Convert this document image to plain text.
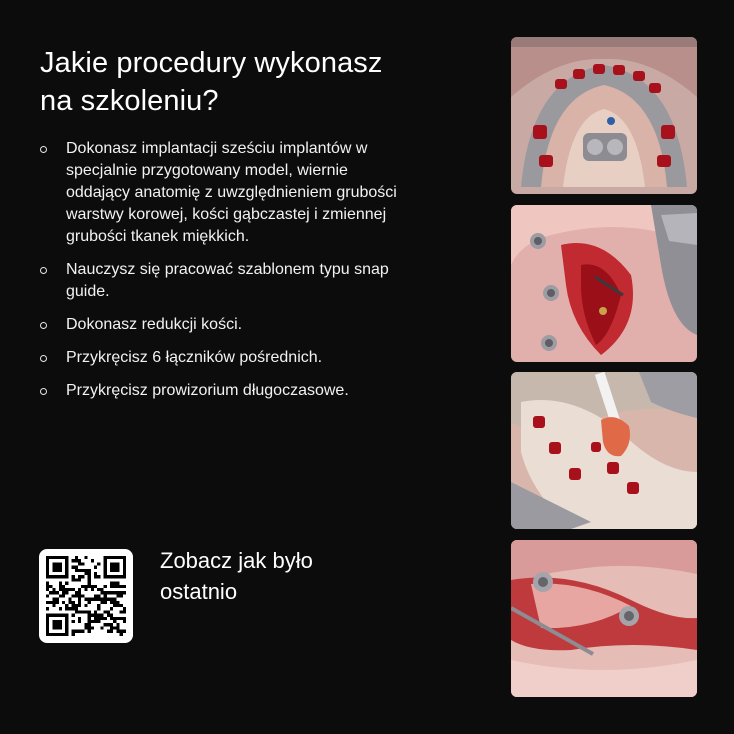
Jakie procedury wykonasz
na szkoleniu?
Dokonasz implantacji sześciu implantów w specjalnie przygotowany model, wiernie oddający anatomię z uwzględnieniem grubości warstwy korowej, kości gąbczastej i zmiennej grubości tkanek miękkich.
Nauczysz się pracować szablonem typu snap guide.
Dokonasz redukcji kości.
Przykręcisz 6 łączników pośrednich.
Przykręcisz prowizorium długoczasowe.
Zobacz jak było
ostatnio
